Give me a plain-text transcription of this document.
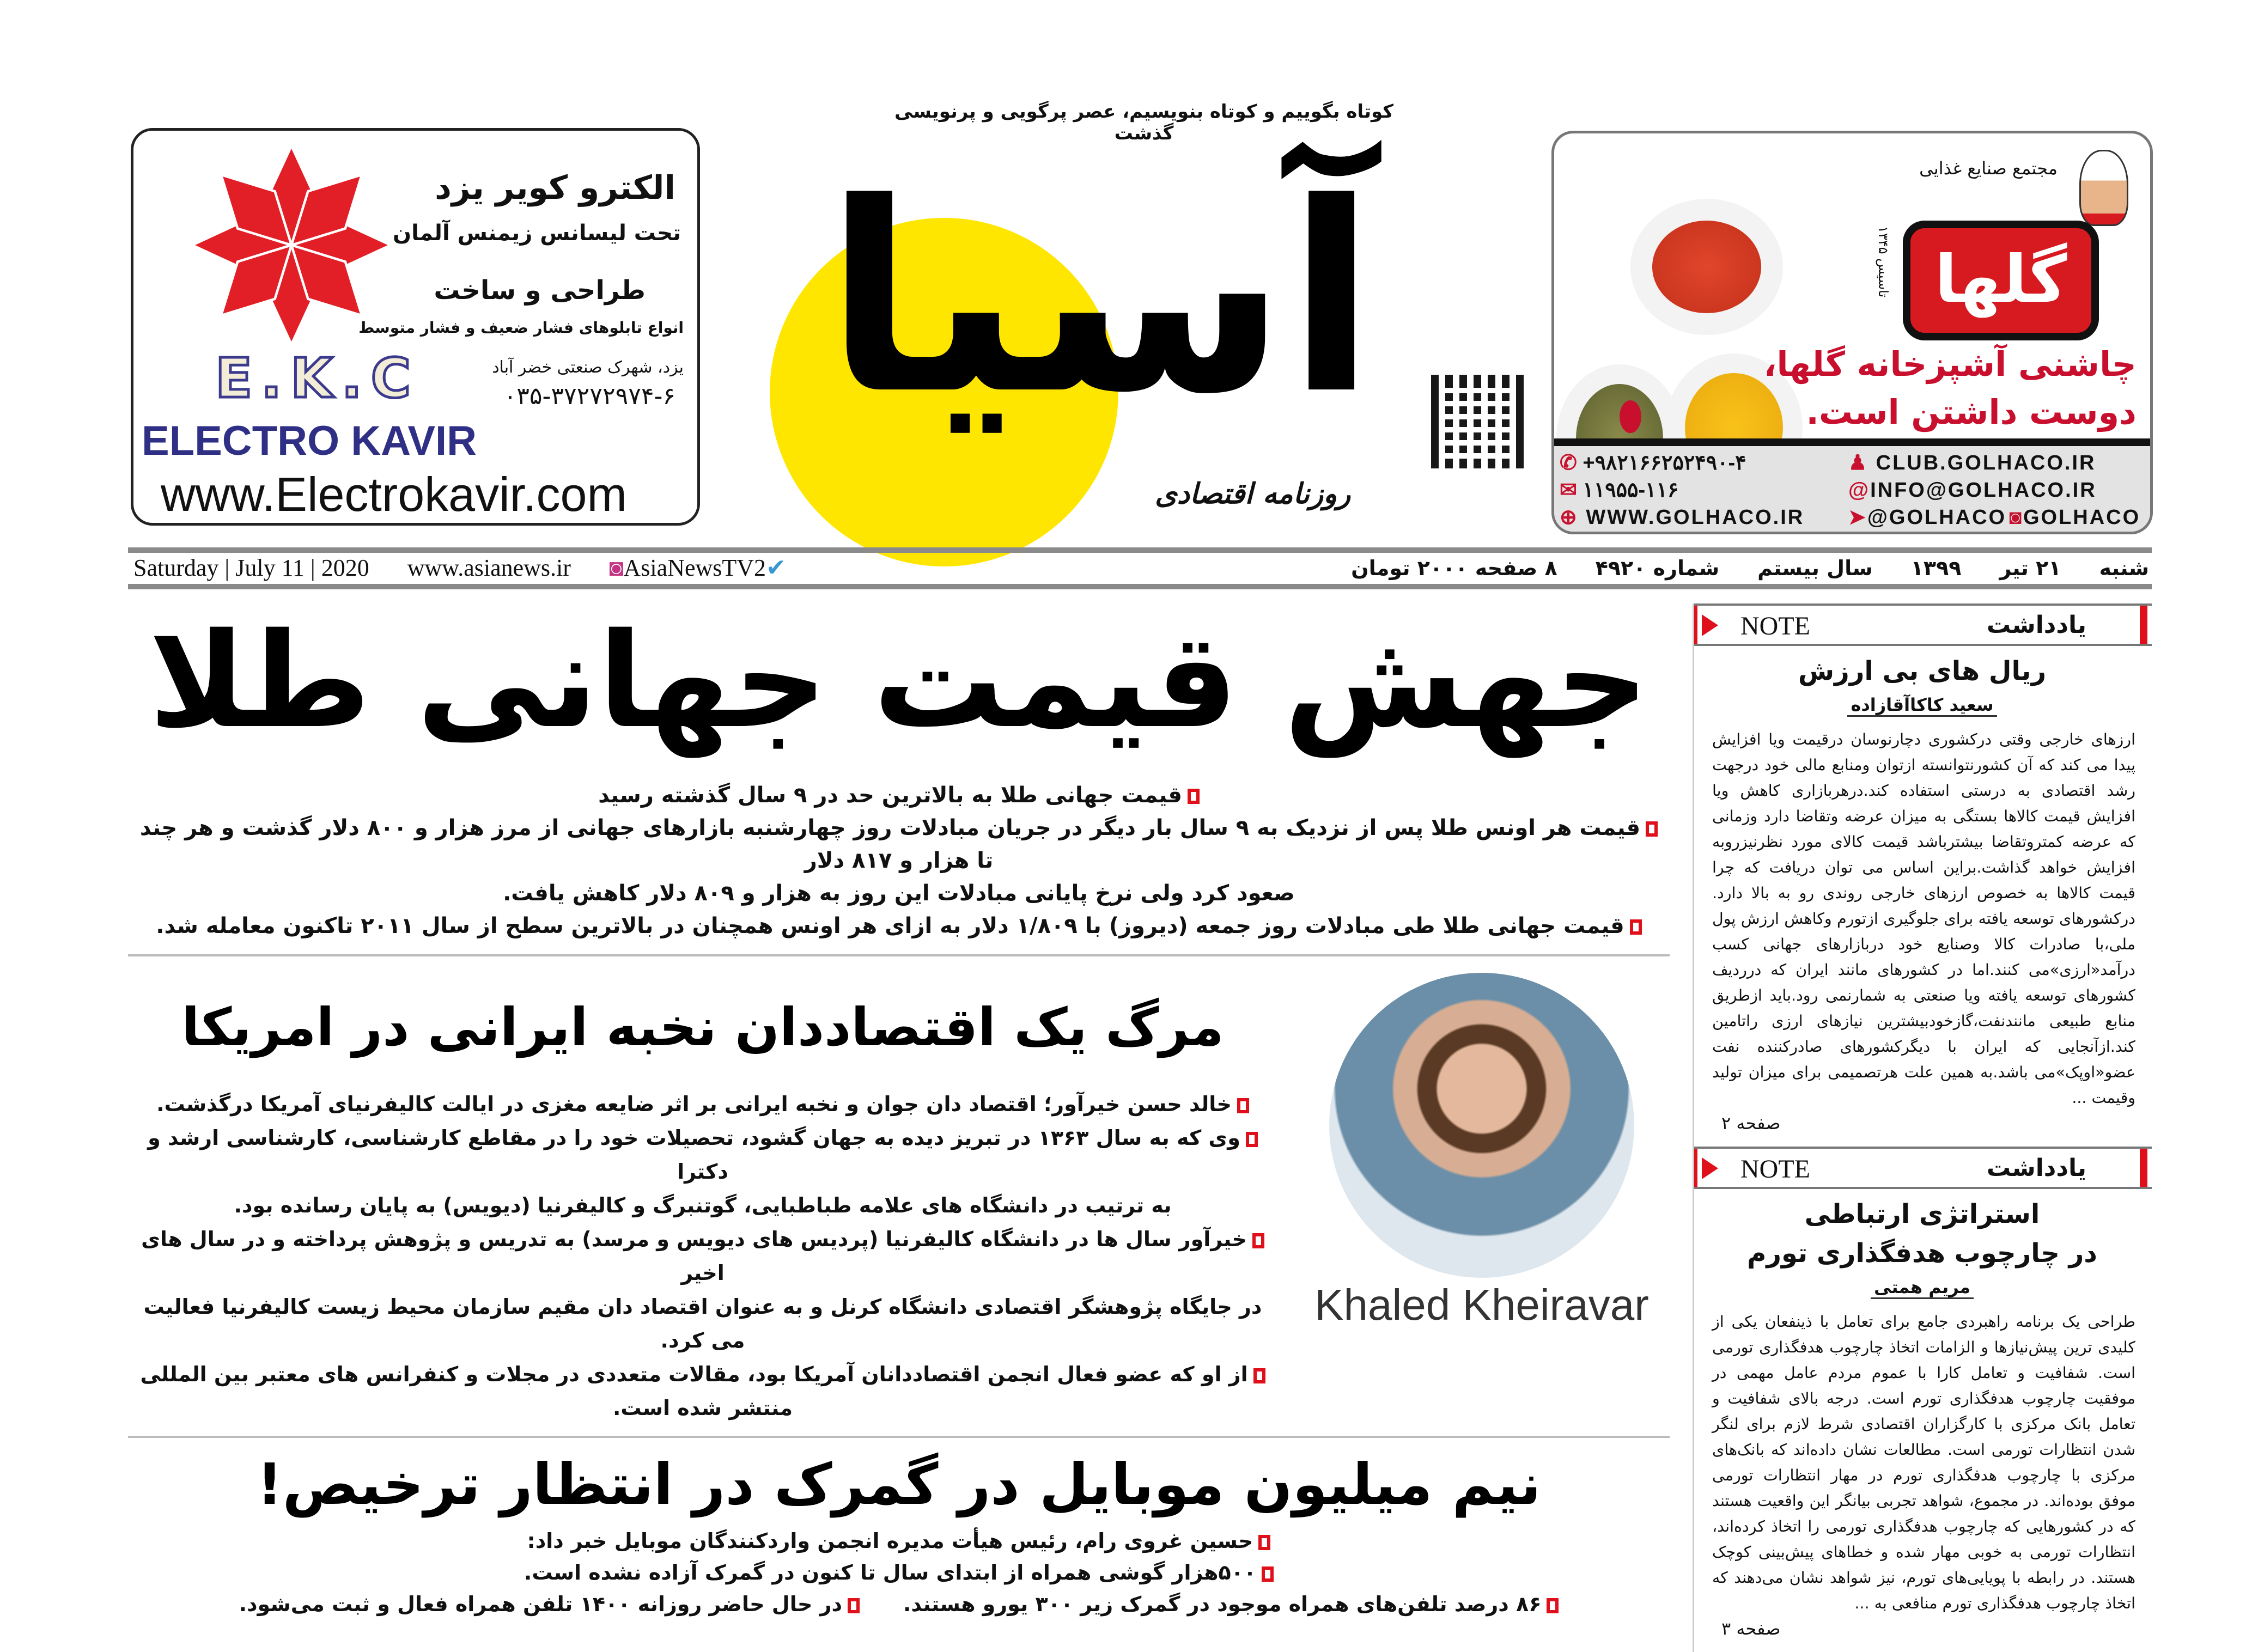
کوتاه بگوییم و کوتاه بنویسیم، عصر پرگویی و پرنویسی گذشت
الکترو کویر یزد
تحت لیسانس زیمنس آلمان
طراحی و ساخت
انواع تابلوهای فشار ضعیف و فشار متوسط
E.K.C	یزد، شهرک صنعتی خضر آباد
۰۳۵-۳۷۲۷۲۹۷۴-۶
ELECTRO KAVIR
www.Electrokavir.com
مجتمع صنایع غذایی
گلها
تاسیس ۱۳۴۵
چاشنی آشپزخانه گلها،
دوست داشتن است.
✆ +۹۸۲۱۶۶۲۵۲۴۹۰-۴
✉ ۱۱۹۵۵-۱۱۶
⊕ WWW.GOLHACO.IR
♟ CLUB.GOLHACO.IR
@INFO@GOLHACO.IR
➤@GOLHACO ◙GOLHACO
آسیا
روزنامه اقتصادی
Saturday | July 11 | 2020 www.asianews.ir ◙AsiaNewsTV2✔	۸ صفحه ۲۰۰۰ تومان شماره ۴۹۲۰ سال بیستم ۱۳۹۹ ۲۱ تیر شنبه
جهش قیمت جهانی طلا
قیمت جهانی طلا به بالاترین حد در ۹ سال گذشته رسید
قیمت هر اونس طلا پس از نزدیک به ۹ سال بار دیگر در جریان مبادلات روز چهارشنبه بازارهای جهانی از مرز هزار و ۸۰۰ دلار گذشت و هر چند تا هزار و ۸۱۷ دلار
صعود کرد ولی نرخ پایانی مبادلات این روز به هزار و ۸۰۹ دلار کاهش یافت.
قیمت جهانی طلا طی مبادلات روز جمعه (دیروز) با ۱/۸۰۹ دلار به ازای هر اونس همچنان در بالاترین سطح از سال ۲۰۱۱ تاکنون معامله شد.
مرگ یک اقتصاددان نخبه ایرانی در امریکا
خالد حسن خیرآور؛ اقتصاد دان جوان و نخبه ایرانی بر اثر ضایعه مغزی در ایالت کالیفرنیای آمریکا درگذشت.
وی که به سال ۱۳۶۳ در تبریز دیده به جهان گشود، تحصیلات خود را در مقاطع کارشناسی، کارشناسی ارشد و دکترا
به ترتیب در دانشگاه های علامه طباطبایی، گوتنبرگ و کالیفرنیا (دیویس) به پایان رسانده بود.
خیرآور سال ها در دانشگاه کالیفرنیا (پردیس های دیویس و مرسد) به تدریس و پژوهش پرداخته و در سال های اخیر
در جایگاه پژوهشگر اقتصادی دانشگاه کرنل و به عنوان اقتصاد دان مقیم سازمان محیط زیست کالیفرنیا فعالیت می کرد.
از او که عضو فعال انجمن اقتصاددانان آمریکا بود، مقالات متعددی در مجلات و کنفرانس های معتبر بین المللی
منتشر شده است.
Khaled Kheiravar
نیم میلیون موبایل در گمرک در انتظار ترخیص!
حسین غروی رام، رئیس هیأت مدیره انجمن واردکنندگان موبایل خبر داد:
۵۰۰هزار گوشی همراه از ابتدای سال تا کنون در گمرک آزاده نشده است.
۸۶ درصد تلفن‌های همراه موجود در گمرک زیر ۳۰۰ یورو هستند.
در حال حاضر روزانه ۱۴۰۰ تلفن همراه فعال و ثبت می‌شود.
NOTE	یادداشت
ریال های بی ارزش
سعید کاکاآقازاده
ارزهای خارجی وقتی درکشوری دچارنوسان درقیمت ویا افزایش پیدا می کند که آن کشورنتوانسته ازتوان ومنابع مالی خود درجهت رشد اقتصادی به درستی استفاده کند.درهربازاری کاهش ویا افزایش قیمت کالاها بستگی به میزان عرضه وتقاضا دارد وزمانی که عرضه کمتروتقاضا بیشترباشد قیمت کالای مورد نظرنیزروبه افزایش خواهد گذاشت.براین اساس می توان دریافت که چرا قیمت کالاها به خصوص ارزهای خارجی روندی رو به بالا دارد. درکشورهای توسعه یافته برای جلوگیری ازتورم وکاهش ارزش پول ملی،با صادرات کالا وصنایع خود دربازارهای جهانی کسب درآمد«ارزی»می کنند.اما در کشورهای مانند ایران که درردیف کشورهای توسعه یافته ویا صنعتی به شمارنمی رود.باید ازطریق منابع طبیعی مانندنفت،گازخودبیشترین نیازهای ارزی راتامین کند.ازآنجایی که ایران با دیگرکشورهای صادرکننده نفت عضو«اوپک»می باشد.به همین علت هرتصمیمی برای میزان تولید وقیمت ...
صفحه ۲
NOTE	یادداشت
استراتژی ارتباطی
در چارچوب هدفگذاری تورم
مریم همتی
طراحی یک برنامه راهبردی جامع برای تعامل با ذینفعان یکی از کلیدی ترین پیش‌نیازها و الزامات اتخاذ چارچوب هدفگذاری تورمی است. شفافیت و تعامل کارا با عموم مردم عامل مهمی در موفقیت چارچوب هدفگذاری تورم است. درجه بالای شفافیت و تعامل بانک مرکزی با کارگزاران اقتصادی شرط لازم برای لنگر شدن انتظارات تورمی است. مطالعات نشان داده‌اند که بانک‌های مرکزی با چارچوب هدفگذاری تورم در مهار انتظارات تورمی موفق بوده‌اند. در مجموع، شواهد تجربی بیانگر این واقعیت هستند که در کشورهایی که چارچوب هدفگذاری تورمی را اتخاذ کرده‌اند، انتظارات تورمی به خوبی مهار شده و خطاهای پیش‌بینی کوچک هستند. در رابطه با پویایی‌های تورم، نیز شواهد نشان می‌دهند که اتخاذ چارچوب هدفگذاری تورم منافعی به ...
صفحه ۳
